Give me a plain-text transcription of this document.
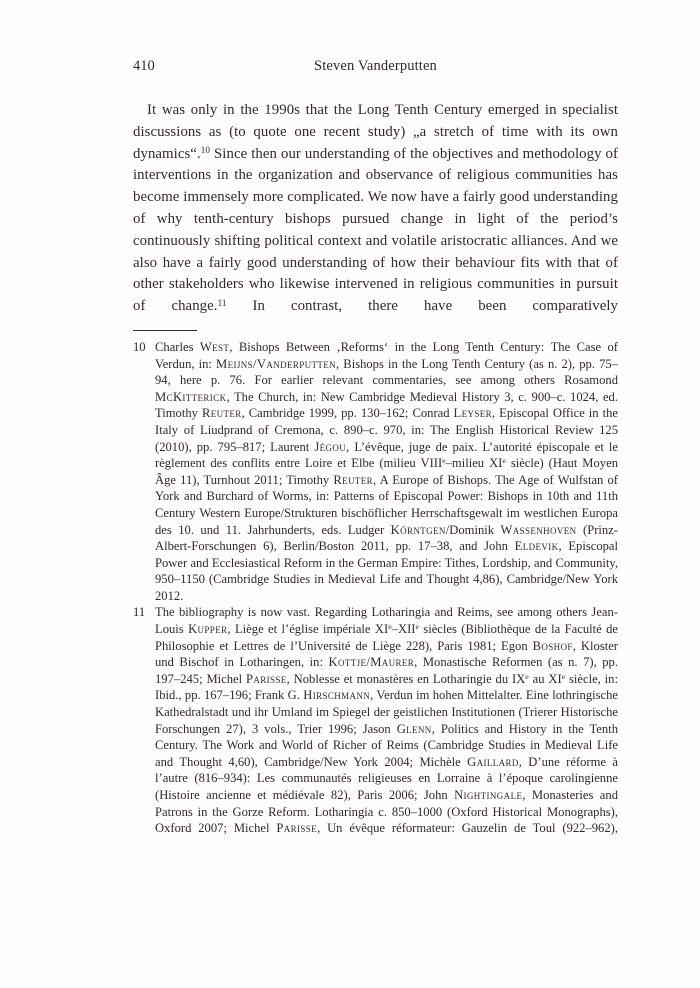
410	Steven Vanderputten
It was only in the 1990s that the Long Tenth Century emerged in specialist discussions as (to quote one recent study) „a stretch of time with its own dynamics“.$^{10}$ Since then our understanding of the objectives and methodology of interventions in the organization and observance of religious communities has become immensely more complicated. We now have a fairly good understanding of why tenth-century bishops pursued change in light of the period’s continuously shifting political context and volatile aristocratic alliances. And we also have a fairly good understanding of how their behaviour fits with that of other stakeholders who likewise intervened in religious communities in pursuit of change.$^{11}$ In contrast, there have been comparatively
10 Charles West, Bishops Between ‚Reforms‘ in the Long Tenth Century: The Case of Verdun, in: Meijns/Vanderputten, Bishops in the Long Tenth Century (as n. 2), pp. 75–94, here p. 76. For earlier relevant commentaries, see among others Rosamond McKitterick, The Church, in: New Cambridge Medieval History 3, c. 900–c. 1024, ed. Timothy Reuter, Cambridge 1999, pp. 130–162; Conrad Leyser, Episcopal Office in the Italy of Liudprand of Cremona, c. 890–c. 970, in: The English Historical Review 125 (2010), pp. 795–817; Laurent Jégou, L’évêque, juge de paix. L’autorité épiscopale et le règlement des conflits entre Loire et Elbe (milieu VIIIe–milieu XIe siècle) (Haut Moyen Âge 11), Turnhout 2011; Timothy Reuter, A Europe of Bishops. The Age of Wulfstan of York and Burchard of Worms, in: Patterns of Episcopal Power: Bishops in 10th and 11th Century Western Europe/Strukturen bischöflicher Herrschaftsgewalt im westlichen Europa des 10. und 11. Jahrhunderts, eds. Ludger Körntgen/Dominik Wassenhoven (Prinz-Albert-Forschungen 6), Berlin/Boston 2011, pp. 17–38, and John Eldevik, Episcopal Power and Ecclesiastical Reform in the German Empire: Tithes, Lordship, and Community, 950–1150 (Cambridge Studies in Medieval Life and Thought 4,86), Cambridge/New York 2012.
11 The bibliography is now vast. Regarding Lotharingia and Reims, see among others Jean-Louis Kupper, Liège et l’église impériale XIe–XIIe siècles (Bibliothèque de la Faculté de Philosophie et Lettres de l’Université de Liège 228), Paris 1981; Egon Boshof, Kloster und Bischof in Lotharingen, in: Kottje/Maurer, Monastische Reformen (as n. 7), pp. 197–245; Michel Parisse, Noblesse et monastères en Lotharingie du IXe au XIe siècle, in: Ibid., pp. 167–196; Frank G. Hirschmann, Verdun im hohen Mittelalter. Eine lothringische Kathedralstadt und ihr Umland im Spiegel der geistlichen Institutionen (Trierer Historische Forschungen 27), 3 vols., Trier 1996; Jason Glenn, Politics and History in the Tenth Century. The Work and World of Richer of Reims (Cambridge Studies in Medieval Life and Thought 4,60), Cambridge/New York 2004; Michèle Gaillard, D’une réforme à l’autre (816–934): Les communautés religieuses en Lorraine à l’époque carolingienne (Histoire ancienne et médiévale 82), Paris 2006; John Nightingale, Monasteries and Patrons in the Gorze Reform. Lotharingia c. 850–1000 (Oxford Historical Monographs), Oxford 2007; Michel Parisse, Un évêque réformateur: Gauzelin de Toul (922–962),
